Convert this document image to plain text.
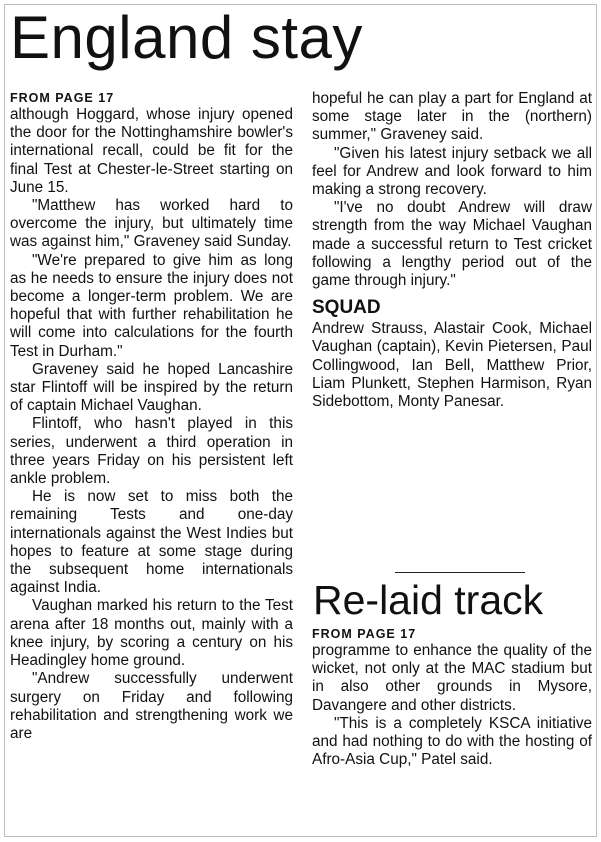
England stay

FROM PAGE 17

although Hoggard, whose injury opened the door for the Nottinghamshire bowler's international recall, could be fit for the final Test at Chester-le-Street starting on June 15.

"Matthew has worked hard to overcome the injury, but ultimately time was against him," Graveney said Sunday.

"We're prepared to give him as long as he needs to ensure the injury does not become a longer-term problem. We are hopeful that with further rehabilitation he will come into calculations for the fourth Test in Durham."

Graveney said he hoped Lancashire star Flintoff will be inspired by the return of captain Michael Vaughan.

Flintoff, who hasn't played in this series, underwent a third operation in three years Friday on his persistent left ankle problem.

He is now set to miss both the remaining Tests and one-day internationals against the West Indies but hopes to feature at some stage during the subsequent home internationals against India.

Vaughan marked his return to the Test arena after 18 months out, mainly with a knee injury, by scoring a century on his Headingley home ground.

"Andrew successfully underwent surgery on Friday and following rehabilitation and strengthening work we are

hopeful he can play a part for England at some stage later in the (northern) summer," Graveney said.

"Given his latest injury setback we all feel for Andrew and look forward to him making a strong recovery.

"I've no doubt Andrew will draw strength from the way Michael Vaughan made a successful return to Test cricket following a lengthy period out of the game through injury."

SQUAD

Andrew Strauss, Alastair Cook, Michael Vaughan (captain), Kevin Pietersen, Paul Collingwood, Ian Bell, Matthew Prior, Liam Plunkett, Stephen Harmison, Ryan Sidebottom, Monty Panesar.

Re-laid track

FROM PAGE 17

programme to enhance the quality of the wicket, not only at the MAC stadium but in also other grounds in Mysore, Davangere and other districts.

"This is a completely KSCA initiative and had nothing to do with the hosting of Afro-Asia Cup," Patel said.
